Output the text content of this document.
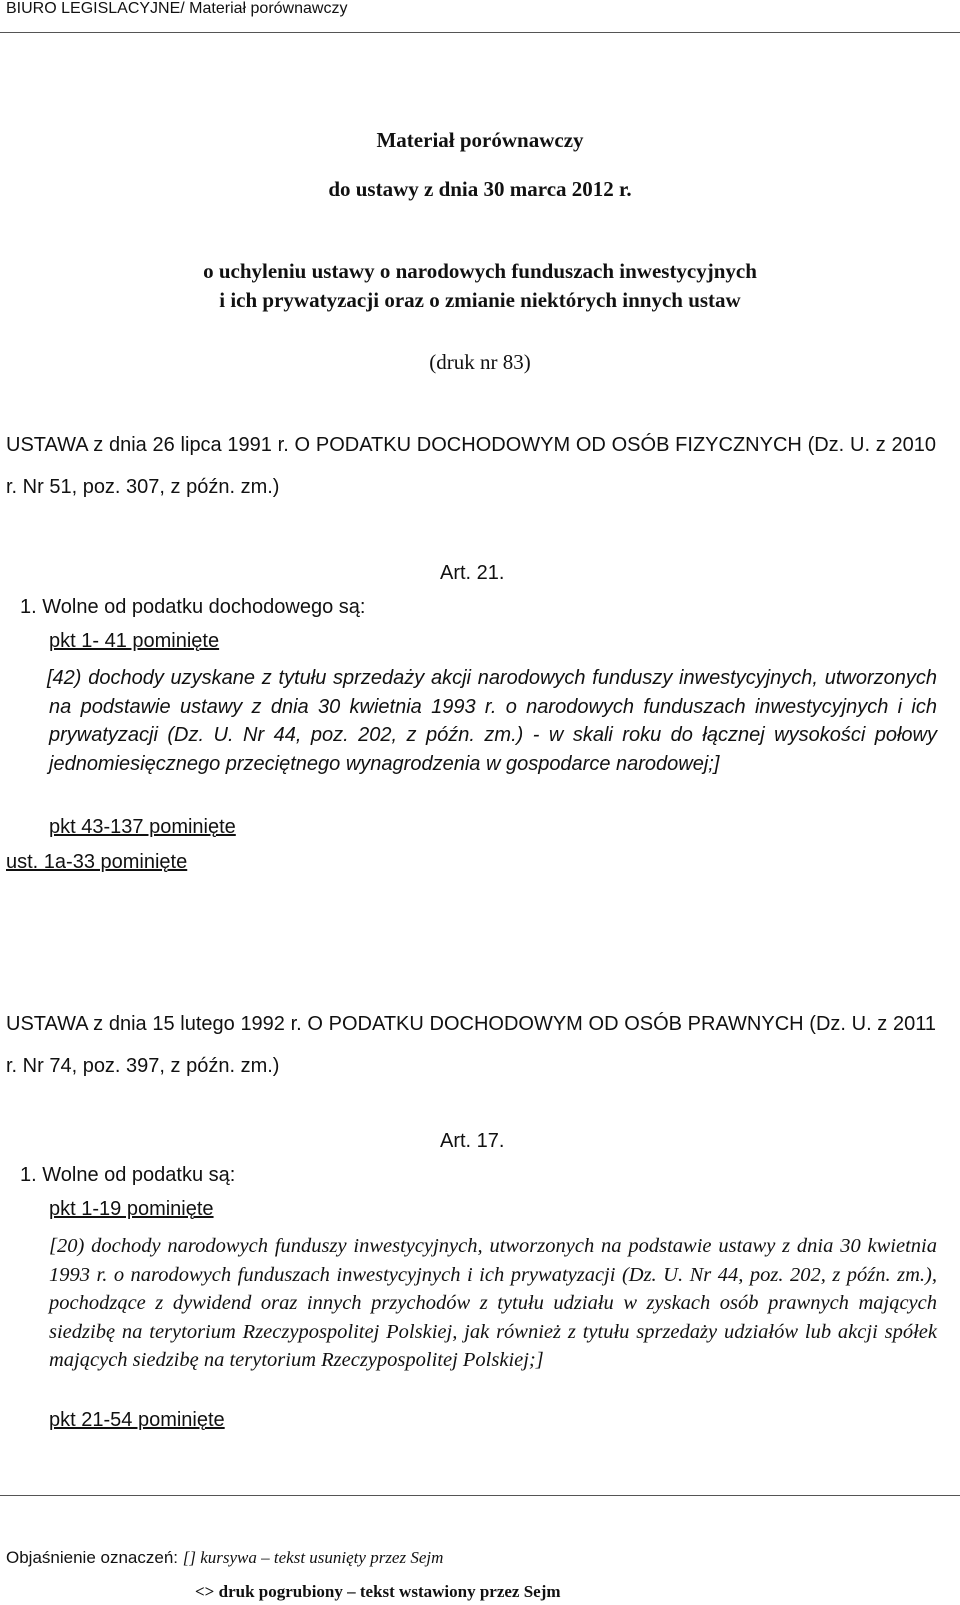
BIURO LEGISLACYJNE/ Materiał porównawczy
Materiał porównawczy
do ustawy z dnia 30 marca 2012 r.
o uchyleniu ustawy o narodowych funduszach inwestycyjnych
i ich prywatyzacji oraz o zmianie niektórych innych ustaw
(druk nr 83)

USTAWA z dnia 26 lipca 1991 r. O PODATKU DOCHODOWYM OD OSÓB FIZYCZNYCH (Dz. U. z 2010 r. Nr 51, poz. 307, z późn. zm.)

Art. 21.
1. Wolne od podatku dochodowego są:
pkt 1- 41 pominięte

[42) dochody uzyskane z tytułu sprzedaży akcji narodowych funduszy inwestycyjnych, utworzonych na podstawie ustawy z dnia 30 kwietnia 1993 r. o narodowych funduszach inwestycyjnych i ich prywatyzacji (Dz. U. Nr 44, poz. 202, z późn. zm.) - w skali roku do łącznej wysokości połowy jednomiesięcznego przeciętnego wynagrodzenia w gospodarce narodowej;]

pkt 43-137 pominięte
ust. 1a-33 pominięte

USTAWA z dnia 15 lutego 1992 r. O PODATKU DOCHODOWYM OD OSÓB PRAWNYCH (Dz. U. z 2011 r. Nr 74, poz. 397, z późn. zm.)

Art. 17.
1. Wolne od podatku są:
pkt 1-19 pominięte

[20) dochody narodowych funduszy inwestycyjnych, utworzonych na podstawie ustawy z dnia 30 kwietnia 1993 r. o narodowych funduszach inwestycyjnych i ich prywatyzacji (Dz. U. Nr 44, poz. 202, z późn. zm.), pochodzące z dywidend oraz innych przychodów z tytułu udziału w zyskach osób prawnych mających siedzibę na terytorium Rzeczypospolitej Polskiej, jak również z tytułu sprzedaży udziałów lub akcji spółek mających siedzibę na terytorium Rzeczypospolitej Polskiej;]

pkt 21-54 pominięte
Objaśnienie oznaczeń: [] kursywa – tekst usunięty przez Sejm
<> druk pogrubiony – tekst wstawiony przez Sejm
